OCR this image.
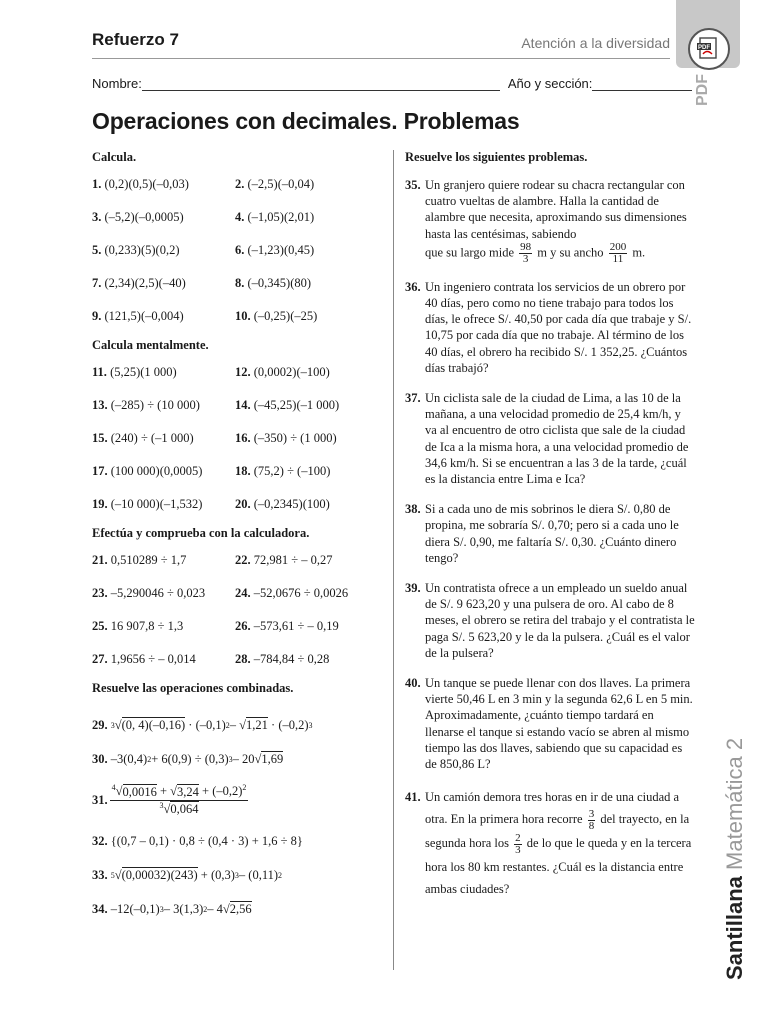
Refuerzo 7	Atención a la diversidad	PDF
PDF
Nombre:	Año y sección:
Operaciones con decimales. Problemas
Santillana Matemática 2
Calcula.
1. (0,2)(0,5)(–0,03)	2. (–2,5)(–0,04)
3. (–5,2)(–0,0005)	4. (–1,05)(2,01)
5. (0,233)(5)(0,2)	6. (–1,23)(0,45)
7. (2,34)(2,5)(–40)	8. (–0,345)(80)
9. (121,5)(–0,004)	10. (–0,25)(–25)
Calcula mentalmente.
11. (5,25)(1 000)	12. (0,0002)(–100)
13. (–285) ÷ (10 000)	14. (–45,25)(–1 000)
15. (240) ÷ (–1 000)	16. (–350) ÷ (1 000)
17. (100 000)(0,0005)	18. (75,2) ÷ (–100)
19. (–10 000)(–1,532)	20. (–0,2345)(100)
Efectúa y comprueba con la calculadora.
21. 0,510289 ÷ 1,7	22. 72,981 ÷ – 0,27
23. –5,290046 ÷ 0,023	24. –52,0676 ÷ 0,0026
25. 16 907,8 ÷ 1,3	26. –573,61 ÷ – 0,19
27. 1,9656 ÷ – 0,014	28. –784,84 ÷ 0,28
Resuelve las operaciones combinadas.
29.
3 √ (0, 4)(–0,16) · (–0,1) 2 – √ 1,21 · (–0,2) 3
30. –3(0,4) 2 + 6(0,9) ÷ (0,3) 3 – 20√ 1,69
31.
$^4√0,0016 + √3,24 + (-0,2)^2$
$^3$√0,064
32.
{(0,7 – 0,1) · 0,8 ÷ (0,4 · 3) + 1,6 ÷ 8}
33.
5 √ (0,00032)(243) + (0,3) 3 – (0,11) 2
34. –12(–0,1) 3 – 3(1,3) 2 – 4√ 2,56
Resuelve los siguientes problemas.
35. Un granjero quiere rodear su chacra rectangular con cuatro vueltas de alambre. Halla la cantidad de alambre que necesita, aproximando sus dimensiones hasta las centésimas, sabiendo
que su largo mide $\frac{98}{3}$ m y su ancho $\frac{200}{11} m$.
36. Un ingeniero contrata los servicios de un obrero por 40 días, pero como no tiene trabajo para todos los días, le ofrece S/. 40,50 por cada día que trabaje y S/. 10,75 por cada día que no trabaje. Al término de los 40 días, el obrero ha recibido S/. 1 352,25. ¿Cuántos días trabajó?
37. Un ciclista sale de la ciudad de Lima, a las 10 de la mañana, a una velocidad promedio de 25,4 km/h, y va al encuentro de otro ciclista que sale de la ciudad de Ica a la misma hora, a una velocidad promedio de 34,6 km/h. Si se encuentran a las 3 de la tarde, ¿cuál es la distancia entre Lima e Ica?
38. Si a cada uno de mis sobrinos le diera S/. 0,80 de propina, me sobraría S/. 0,70; pero si a cada uno le diera S/. 0,90, me faltaría S/. 0,30. ¿Cuánto dinero tengo?
39. Un contratista ofrece a un empleado un sueldo anual de S/. 9 623,20 y una pulsera de oro. Al cabo de 8 meses, el obrero se retira del trabajo y el contratista le paga S/. 5 623,20 y le da la pulsera. ¿Cuál es el valor de la pulsera?
40. Un tanque se puede llenar con dos llaves. La primera vierte 50,46 L en 3 min y la segunda 62,6 L en 5 min. Aproximadamente, ¿cuánto tiempo tardará en llenarse el tanque si estando vacío se abren al mismo tiempo las dos llaves, sabiendo que su capacidad es de 850,86 L?
41. Un camión demora tres horas en ir de una ciudad a otra. En la primera hora recorre $\frac{3}{8}$ del trayecto, en la segunda hora los $\frac{2}{3}$ de lo que le queda y en la tercera hora los 80 km restantes. ¿Cuál es la distancia entre ambas ciudades?
